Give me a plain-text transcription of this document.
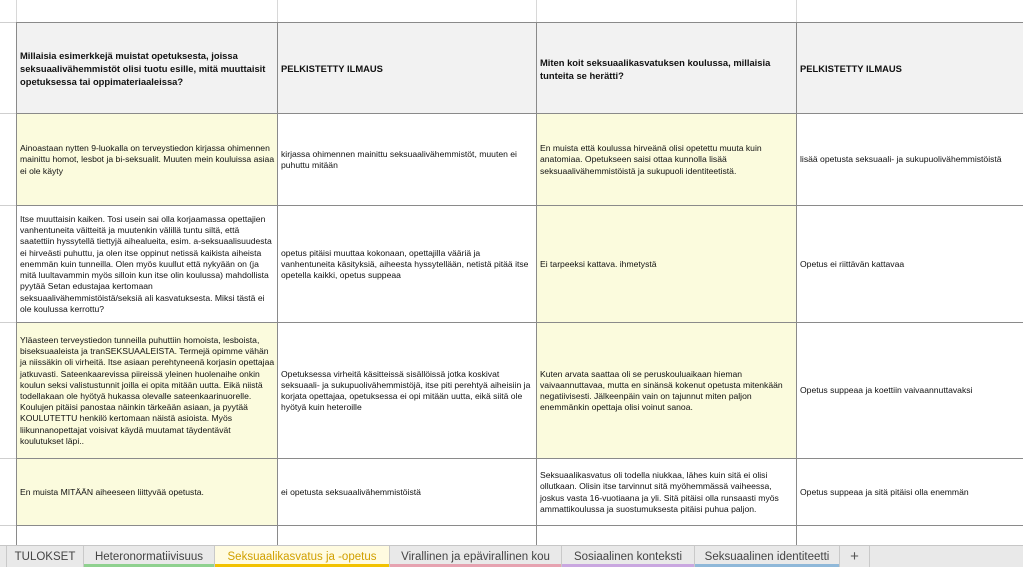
Millaisia esimerkkejä muistat opetuksesta, joissa seksuaalivähemmistöt olisi tuotu esille, mitä muuttaisit opetuksessa tai oppimateriaaleissa?
PELKISTETTY ILMAUS
Miten koit seksuaalikasvatuksen koulussa, millaisia tunteita se herätti?
PELKISTETTY ILMAUS
Ainoastaan nytten 9-luokalla on terveystiedon kirjassa ohimennen mainittu homot, lesbot ja bi-seksualit. Muuten mein kouluissa asiaa ei ole käyty
kirjassa ohimennen mainittu seksuaalivähemmistöt, muuten ei puhuttu mitään
En muista että koulussa hirveänä olisi opetettu muuta kuin anatomiaa. Opetukseen saisi ottaa kunnolla lisää seksuaalivähemmistöistä ja sukupuoli identiteetistä.
lisää opetusta seksuaali- ja sukupuolivähemmistöistä
Itse muuttaisin kaiken. Tosi usein sai olla korjaamassa opettajien vanhentuneita väitteitä ja muutenkin välillä tuntu siltä, että saatettiin hyssytellä tiettyjä aihealueita, esim. a-seksuaalisuudesta ei hirveästi puhuttu, ja olen itse oppinut netissä kaikista aiheista enemmän kuin tunneilla. Olen myös kuullut että nykyään on (ja mitä luultavammin myös silloin kun itse olin koulussa) mahdollista pyytää Setan edustajaa kertomaan seksuaalivähemmistöistä/seksiä ali kasvatuksesta. Miksi tästä ei ole koulussa kerrottu?
opetus pitäisi muuttaa kokonaan, opettajilla vääriä ja vanhentuneita käsityksiä, aiheesta hyssytellään, netistä pitää itse opetella kaikki, opetus suppeaa
Ei tarpeeksi kattava. ihmetystä	Opetus ei riittävän kattavaa
Yläasteen terveystiedon tunneilla puhuttiin homoista, lesboista, biseksuaaleista ja tranSEKSUAALEISTA. Termejä opimme vähän ja niissäkin oli virheitä. Itse asiaan perehtyneenä korjasin opettajaa jatkuvasti. Sateenkaarevissa piireissä yleinen huolenaihe onkin koulun seksi valistustunnit joilla ei opita mitään uutta. Eikä niistä todellakaan ole hyötyä hukassa olevalle sateenkaarinuorelle. Koulujen pitäisi panostaa näinkin tärkeään asiaan, ja pyytää KOULUTETTU henkilö kertomaan näistä asioista. Myös liikunnanopettajat voisivat käydä muutamat täydentävät koulutukset läpi..
Opetuksessa virheitä käsitteissä sisällöissä jotka koskivat seksuaali- ja sukupuolivähemmistöjä, itse piti perehtyä aiheisiin ja korjata opettajaa, opetuksessa ei opi mitään uutta, eikä siitä ole hyötyä kuin heteroille
Kuten arvata saattaa oli se peruskouluaikaan hieman vaivaannuttavaa, mutta en sinänsä kokenut opetusta mitenkään negatiivisesti. Jälkeenpäin vain on tajunnut miten paljon enemmänkin opettaja olisi voinut sanoa.
Opetus suppeaa ja koettiin vaivaannuttavaksi
En muista MITÄÄN aiheeseen liittyvää opetusta.	ei opetusta seksuaalivähemmistöistä
Seksuaalikasvatus oli todella niukkaa, lähes kuin sitä ei olisi ollutkaan. Olisin itse tarvinnut sitä myöhemmässä vaiheessa, joskus vasta 16-vuotiaana ja yli. Sitä pitäisi olla runsaasti myös ammattikoulussa ja suostumuksesta pitäisi puhua paljon.
Opetus suppeaa ja sitä pitäisi olla enemmän
TULOKSET Heteronormatiivisuus Seksuaalikasvatus ja -opetus Virallinen ja epävirallinen kou Sosiaalinen konteksti Seksuaalinen identiteetti +
